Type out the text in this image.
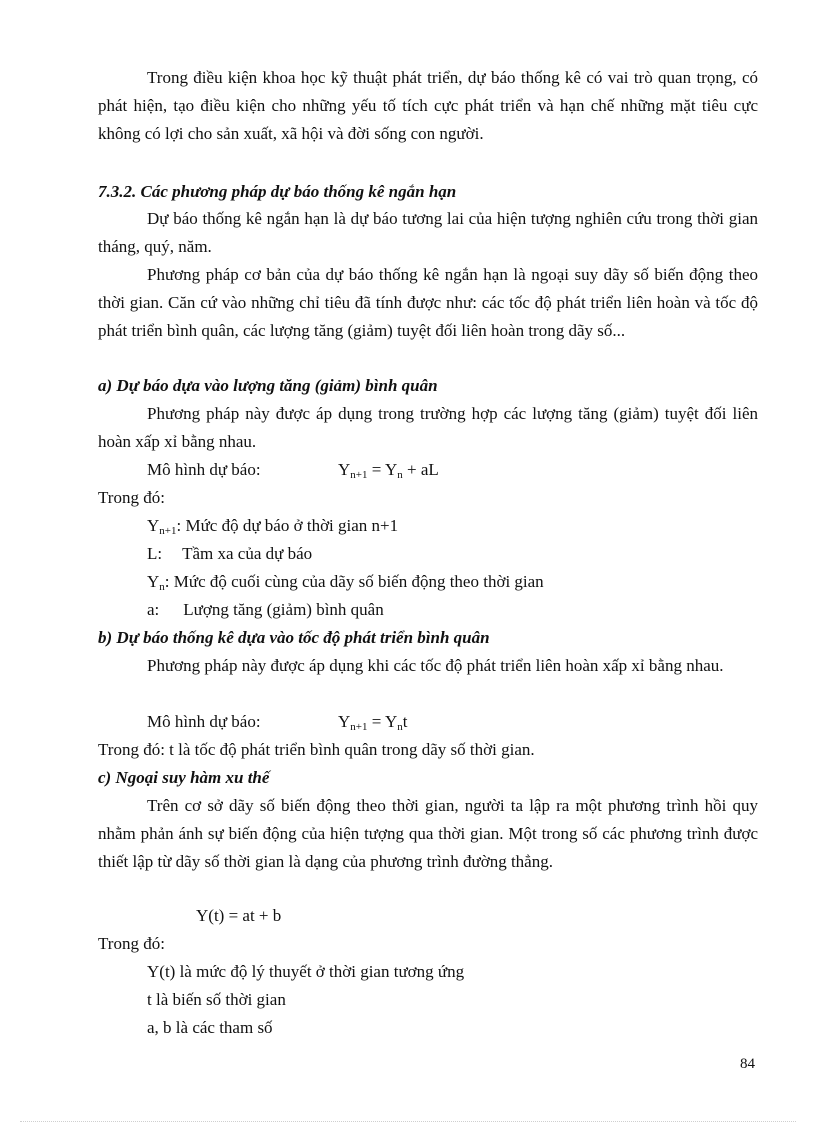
Trong điều kiện khoa học kỹ thuật phát triển, dự báo thống kê có vai trò quan trọng, có phát hiện, tạo điều kiện cho những yếu tố tích cực phát triển và hạn chế những mặt tiêu cực không có lợi cho sản xuất, xã hội và đời sống con người.

7.3.2. Các phương pháp dự báo thống kê ngắn hạn

Dự báo thống kê ngắn hạn là dự báo tương lai của hiện tượng nghiên cứu trong thời gian tháng, quý, năm.

Phương pháp cơ bản của dự báo thống kê ngắn hạn là ngoại suy dãy số biến động theo thời gian. Căn cứ vào những chỉ tiêu đã tính được như: các tốc độ phát triển liên hoàn và tốc độ phát triển bình quân, các lượng tăng (giảm) tuyệt đối liên hoàn trong dãy số...

a) Dự báo dựa vào lượng tăng (giảm) bình quân

Phương pháp này được áp dụng trong trường hợp các lượng tăng (giảm) tuyệt đối liên hoàn xấp xỉ bằng nhau.

Mô hình dự báo:	$Y_{n+1} = Y_n$ + aL
Trong đó:
$Y_{n+1}$: Mức độ dự báo ở thời gian n+1
L: Tầm xa của dự báo
$Y_n$: Mức độ cuối cùng của dãy số biến động theo thời gian
a: Lượng tăng (giảm) bình quân

b) Dự báo thống kê dựa vào tốc độ phát triển bình quân

Phương pháp này được áp dụng khi các tốc độ phát triển liên hoàn xấp xỉ bằng nhau.

Mô hình dự báo:	$Y_{n+1} = Y_nt$
Trong đó: t là tốc độ phát triển bình quân trong dãy số thời gian.

c) Ngoại suy hàm xu thế

Trên cơ sở dãy số biến động theo thời gian, người ta lập ra một phương trình hồi quy nhằm phản ánh sự biến động của hiện tượng qua thời gian. Một trong số các phương trình được thiết lập từ dãy số thời gian là dạng của phương trình đường thẳng.

Y(t) = at + b
Trong đó:
Y(t) là mức độ lý thuyết ở thời gian tương ứng
t là biến số thời gian
a, b là các tham số
84
